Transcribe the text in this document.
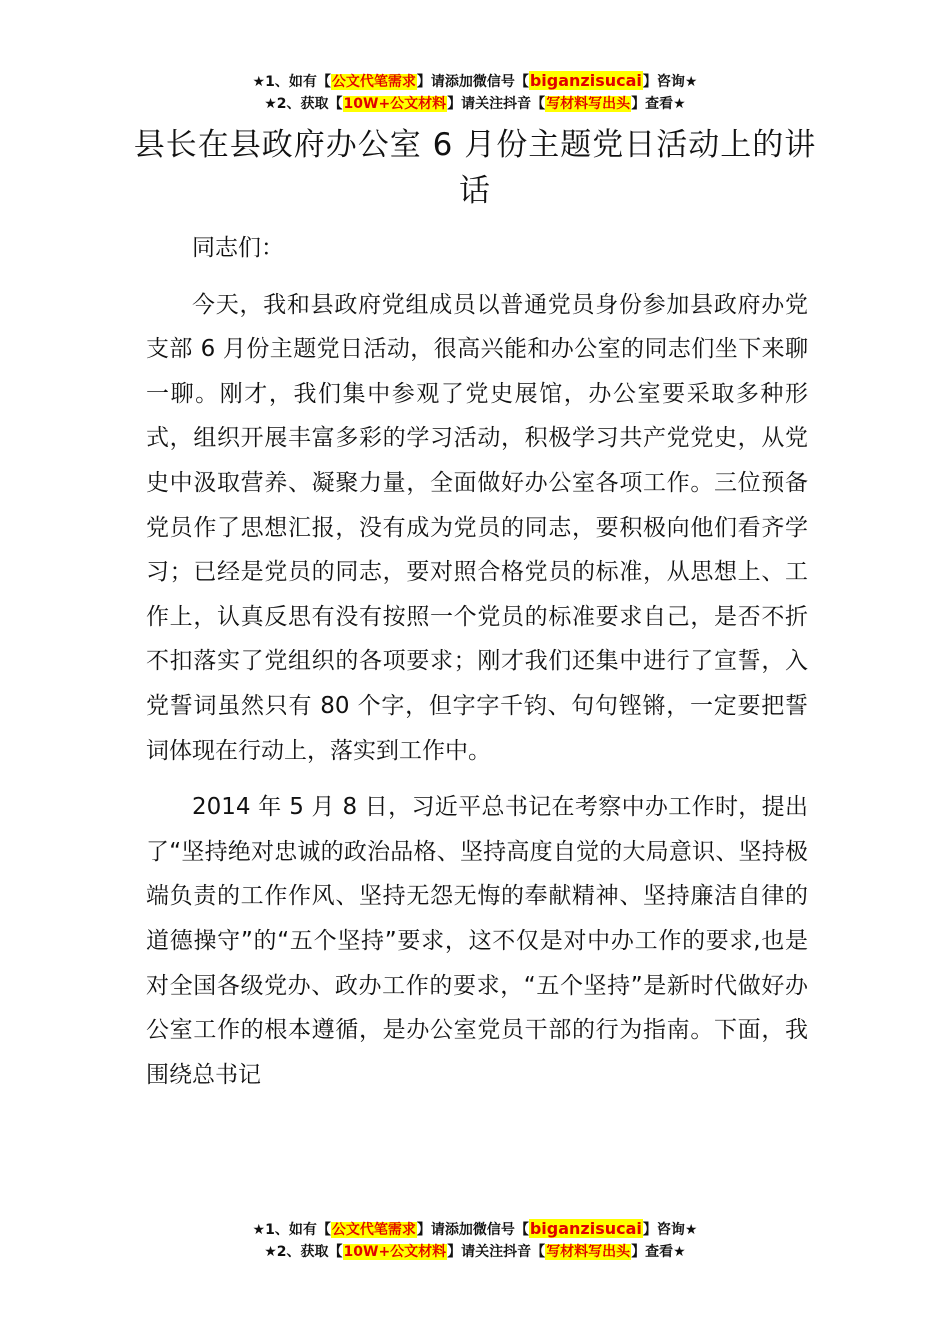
★1、如有【公文代笔需求】请添加微信号【biganzisucai】咨询★
★2、获取【10W+公文材料】请关注抖音【写材料写出头】查看★
县长在县政府办公室 6 月份主题党日活动上的讲话

同志们：

今天，我和县政府党组成员以普通党员身份参加县政府办党支部 6 月份主题党日活动，很高兴能和办公室的同志们坐下来聊一聊。刚才，我们集中参观了党史展馆，办公室要采取多种形式，组织开展丰富多彩的学习活动，积极学习共产党党史，从党史中汲取营养、凝聚力量，全面做好办公室各项工作。三位预备党员作了思想汇报，没有成为党员的同志，要积极向他们看齐学习；已经是党员的同志，要对照合格党员的标准，从思想上、工作上，认真反思有没有按照一个党员的标准要求自己，是否不折不扣落实了党组织的各项要求；刚才我们还集中进行了宣誓，入党誓词虽然只有 80 个字，但字字千钧、句句铿锵，一定要把誓词体现在行动上，落实到工作中。

2014 年 5 月 8 日，习近平总书记在考察中办工作时，提出了“坚持绝对忠诚的政治品格、坚持高度自觉的大局意识、坚持极端负责的工作作风、坚持无怨无悔的奉献精神、坚持廉洁自律的道德操守”的“五个坚持”要求，这不仅是对中办工作的要求,也是对全国各级党办、政办工作的要求，“五个坚持”是新时代做好办公室工作的根本遵循，是办公室党员干部的行为指南。下面，我围绕总书记

★1、如有【公文代笔需求】请添加微信号【biganzisucai】咨询★
★2、获取【10W+公文材料】请关注抖音【写材料写出头】查看★
